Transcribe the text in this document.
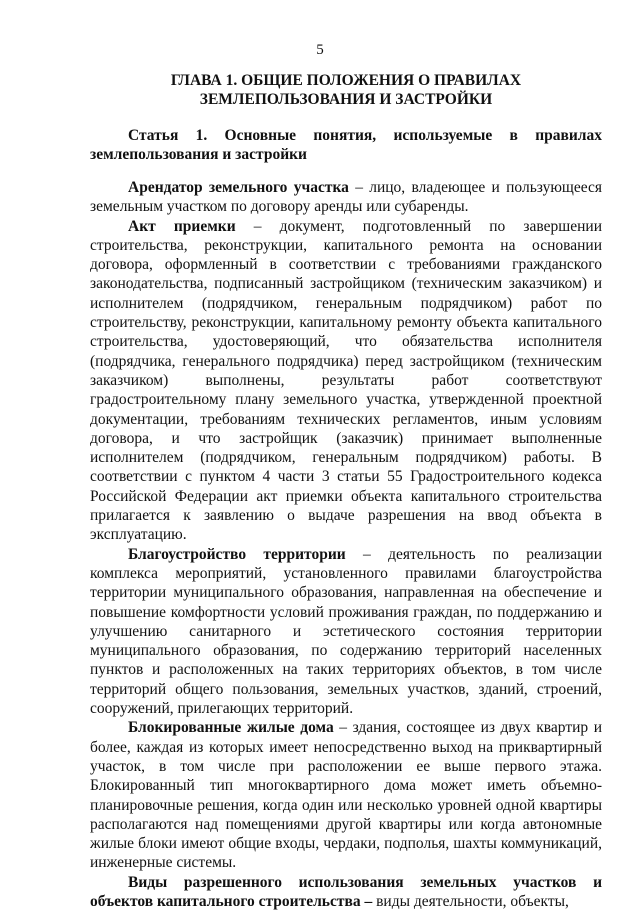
5
ГЛАВА 1. ОБЩИЕ ПОЛОЖЕНИЯ О ПРАВИЛАХ
ЗЕМЛЕПОЛЬЗОВАНИЯ И ЗАСТРОЙКИ
Статья 1. Основные понятия, используемые в правилах
землепользования и застройки

Арендатор земельного участка – лицо, владеющее и пользующееся земельным участком по договору аренды или субаренды.

Акт приемки – документ, подготовленный по завершении строительства, реконструкции, капитального ремонта на основании договора, оформленный в соответствии с требованиями гражданского законодательства, подписанный застройщиком (техническим заказчиком) и исполнителем (подрядчиком, генеральным подрядчиком) работ по строительству, реконструкции, капитальному ремонту объекта капитального строительства, удостоверяющий, что обязательства исполнителя (подрядчика, генерального подрядчика) перед застройщиком (техническим заказчиком) выполнены, результаты работ соответствуют градостроительному плану земельного участка, утвержденной проектной документации, требованиям технических регламентов, иным условиям договора, и что застройщик (заказчик) принимает выполненные исполнителем (подрядчиком, генеральным подрядчиком) работы. В соответствии с пунктом 4 части 3 статьи 55 Градостроительного кодекса Российской Федерации акт приемки объекта капитального строительства прилагается к заявлению о выдаче разрешения на ввод объекта в эксплуатацию.

Благоустройство территории – деятельность по реализации комплекса мероприятий, установленного правилами благоустройства территории муниципального образования, направленная на обеспечение и повышение комфортности условий проживания граждан, по поддержанию и улучшению санитарного и эстетического состояния территории муниципального образования, по содержанию территорий населенных пунктов и расположенных на таких территориях объектов, в том числе территорий общего пользования, земельных участков, зданий, строений, сооружений, прилегающих территорий.

Блокированные жилые дома – здания, состоящее из двух квартир и более, каждая из которых имеет непосредственно выход на приквартирный участок, в том числе при расположении ее выше первого этажа. Блокированный тип многоквартирного дома может иметь объемно-планировочные решения, когда один или несколько уровней одной квартиры располагаются над помещениями другой квартиры или когда автономные жилые блоки имеют общие входы, чердаки, подполья, шахты коммуникаций, инженерные системы.

Виды разрешенного использования земельных участков и объектов капитального строительства – виды деятельности, объекты,
